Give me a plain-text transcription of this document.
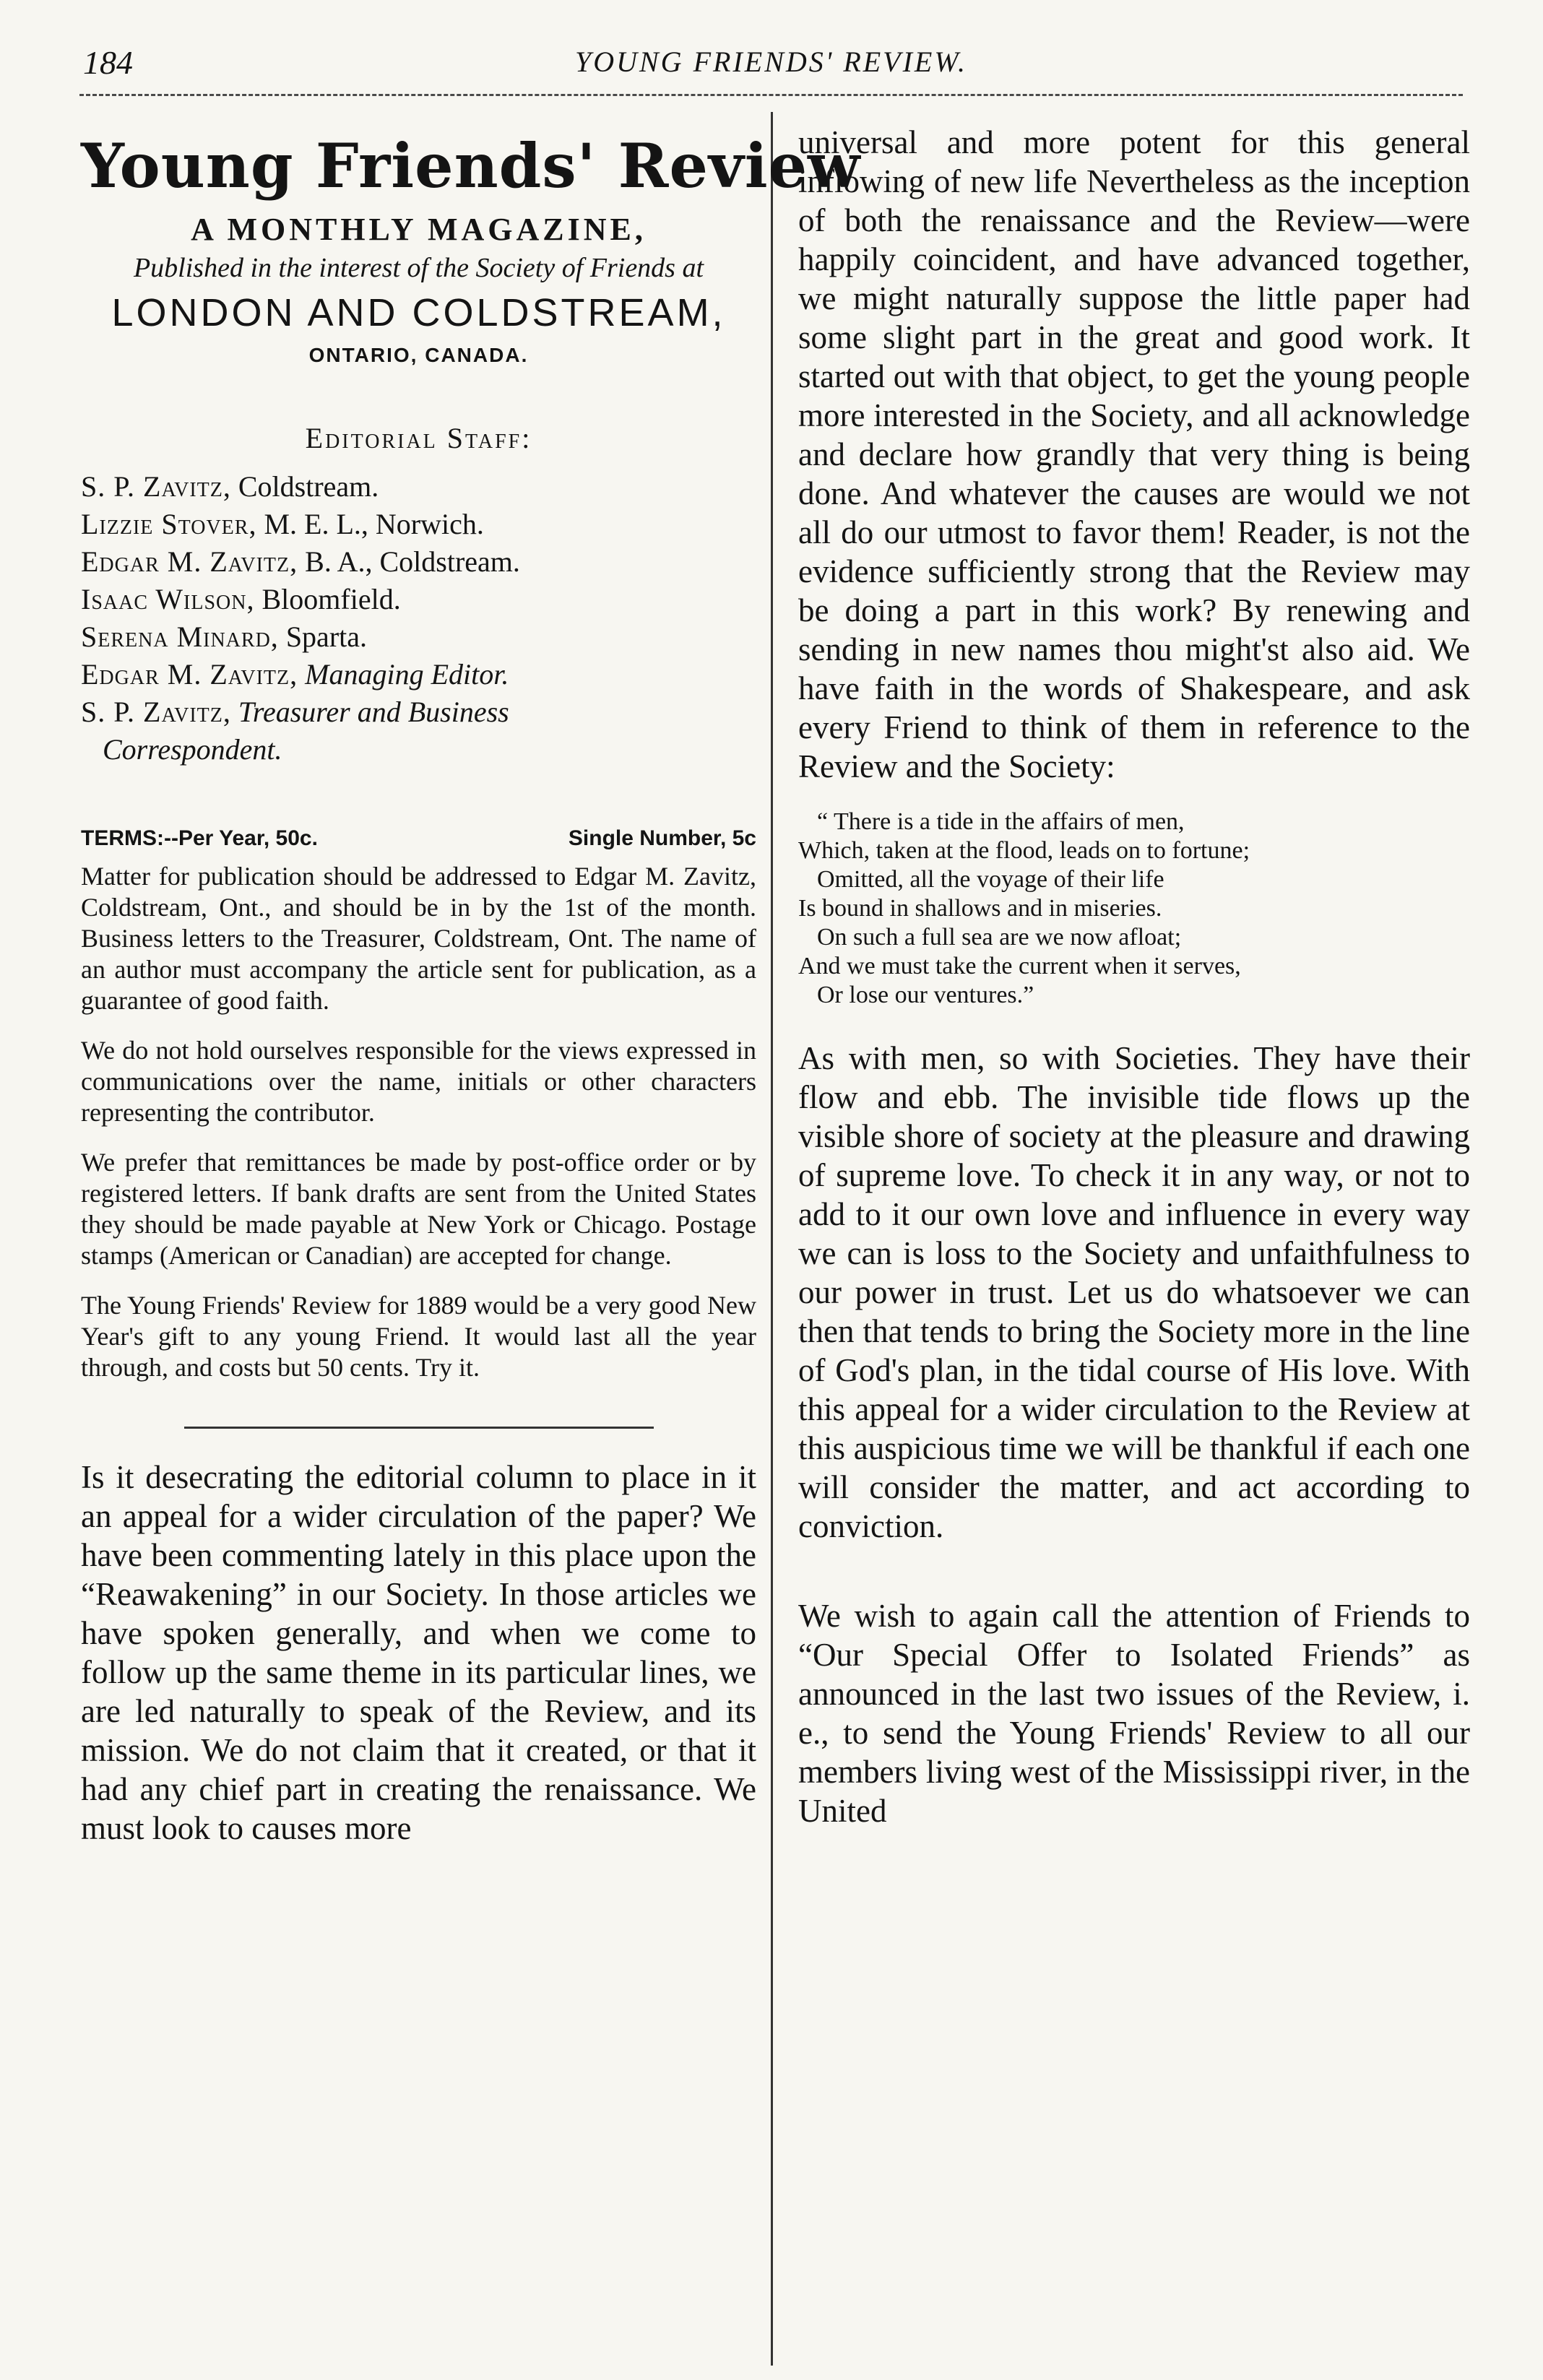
184	YOUNG FRIENDS' REVIEW.
Young Friends' Review
A MONTHLY MAGAZINE,
Published in the interest of the Society of Friends at
LONDON AND COLDSTREAM,
ONTARIO, CANADA.
Editorial Staff:
S. P. Zavitz, Coldstream.
Lizzie Stover, M. E. L., Norwich.
Edgar M. Zavitz, B. A., Coldstream.
Isaac Wilson, Bloomfield.
Serena Minard, Sparta.
Edgar M. Zavitz, Managing Editor.
S. P. Zavitz, Treasurer and Business
Correspondent.
TERMS:--Per Year, 50c.	Single Number, 5c

Matter for publication should be addressed to Edgar M. Zavitz, Coldstream, Ont., and should be in by the 1st of the month. Business letters to the Treasurer, Coldstream, Ont. The name of an author must accompany the article sent for publication, as a guarantee of good faith.

We do not hold ourselves responsible for the views expressed in communications over the name, initials or other characters representing the contributor.

We prefer that remittances be made by post-office order or by registered letters. If bank drafts are sent from the United States they should be made payable at New York or Chicago. Postage stamps (American or Canadian) are accepted for change.

The Young Friends' Review for 1889 would be a very good New Year's gift to any young Friend. It would last all the year through, and costs but 50 cents. Try it.

Is it desecrating the editorial column to place in it an appeal for a wider circulation of the paper? We have been commenting lately in this place upon the “Reawakening” in our Society. In those articles we have spoken generally, and when we come to follow up the same theme in its particular lines, we are led naturally to speak of the Review, and its mission. We do not claim that it created, or that it had any chief part in creating the renaissance. We must look to causes more

universal and more potent for this general inflowing of new life Nevertheless as the inception of both the renaissance and the Review—were happily coincident, and have advanced together, we might naturally suppose the little paper had some slight part in the great and good work. It started out with that object, to get the young people more interested in the Society, and all acknowledge and declare how grandly that very thing is being done. And whatever the causes are would we not all do our utmost to favor them! Reader, is not the evidence sufficiently strong that the Review may be doing a part in this work? By renewing and sending in new names thou might'st also aid. We have faith in the words of Shakespeare, and ask every Friend to think of them in reference to the Review and the Society:

“ There is a tide in the affairs of men,
Which, taken at the flood, leads on to fortune;
Omitted, all the voyage of their life
Is bound in shallows and in miseries.
On such a full sea are we now afloat;
And we must take the current when it serves,
Or lose our ventures.”

As with men, so with Societies. They have their flow and ebb. The invisible tide flows up the visible shore of society at the pleasure and drawing of supreme love. To check it in any way, or not to add to it our own love and influence in every way we can is loss to the Society and unfaithfulness to our power in trust. Let us do whatsoever we can then that tends to bring the Society more in the line of God's plan, in the tidal course of His love. With this appeal for a wider circulation to the Review at this auspicious time we will be thankful if each one will consider the matter, and act according to conviction.

We wish to again call the attention of Friends to “Our Special Offer to Isolated Friends” as announced in the last two issues of the Review, i. e., to send the Young Friends' Review to all our members living west of the Mississippi river, in the United
